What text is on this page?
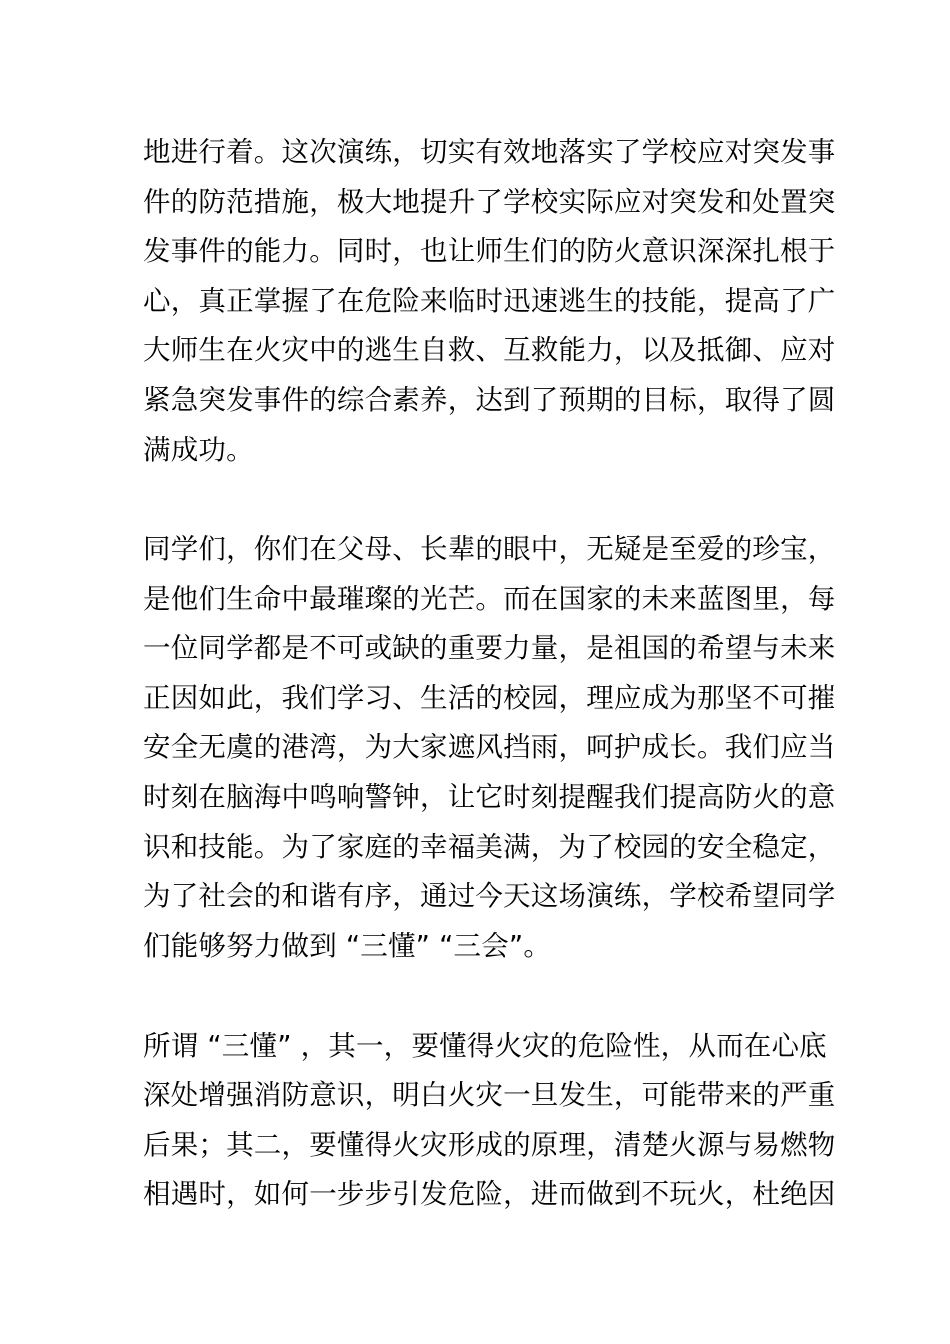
地进行着。这次演练，切实有效地落实了学校应对突发事
件的防范措施，极大地提升了学校实际应对突发和处置突
发事件的能力。同时，也让师生们的防火意识深深扎根于
心，真正掌握了在危险来临时迅速逃生的技能，提高了广
大师生在火灾中的逃生自救、互救能力，以及抵御、应对
紧急突发事件的综合素养，达到了预期的目标，取得了圆
满成功。
同学们，你们在父母、长辈的眼中，无疑是至爱的珍宝，
是他们生命中最璀璨的光芒。而在国家的未来蓝图里，每
一位同学都是不可或缺的重要力量，是祖国的希望与未来
正因如此，我们学习、生活的校园，理应成为那坚不可摧
安全无虞的港湾，为大家遮风挡雨，呵护成长。我们应当
时刻在脑海中鸣响警钟，让它时刻提醒我们提高防火的意
识和技能。为了家庭的幸福美满，为了校园的安全稳定，
为了社会的和谐有序，通过今天这场演练，学校希望同学
们能够努力做到 “三懂” “三会”。
所谓 “三懂” ，其一，要懂得火灾的危险性，从而在心底
深处增强消防意识，明白火灾一旦发生，可能带来的严重
后果；其二，要懂得火灾形成的原理，清楚火源与易燃物
相遇时，如何一步步引发危险，进而做到不玩火，杜绝因
